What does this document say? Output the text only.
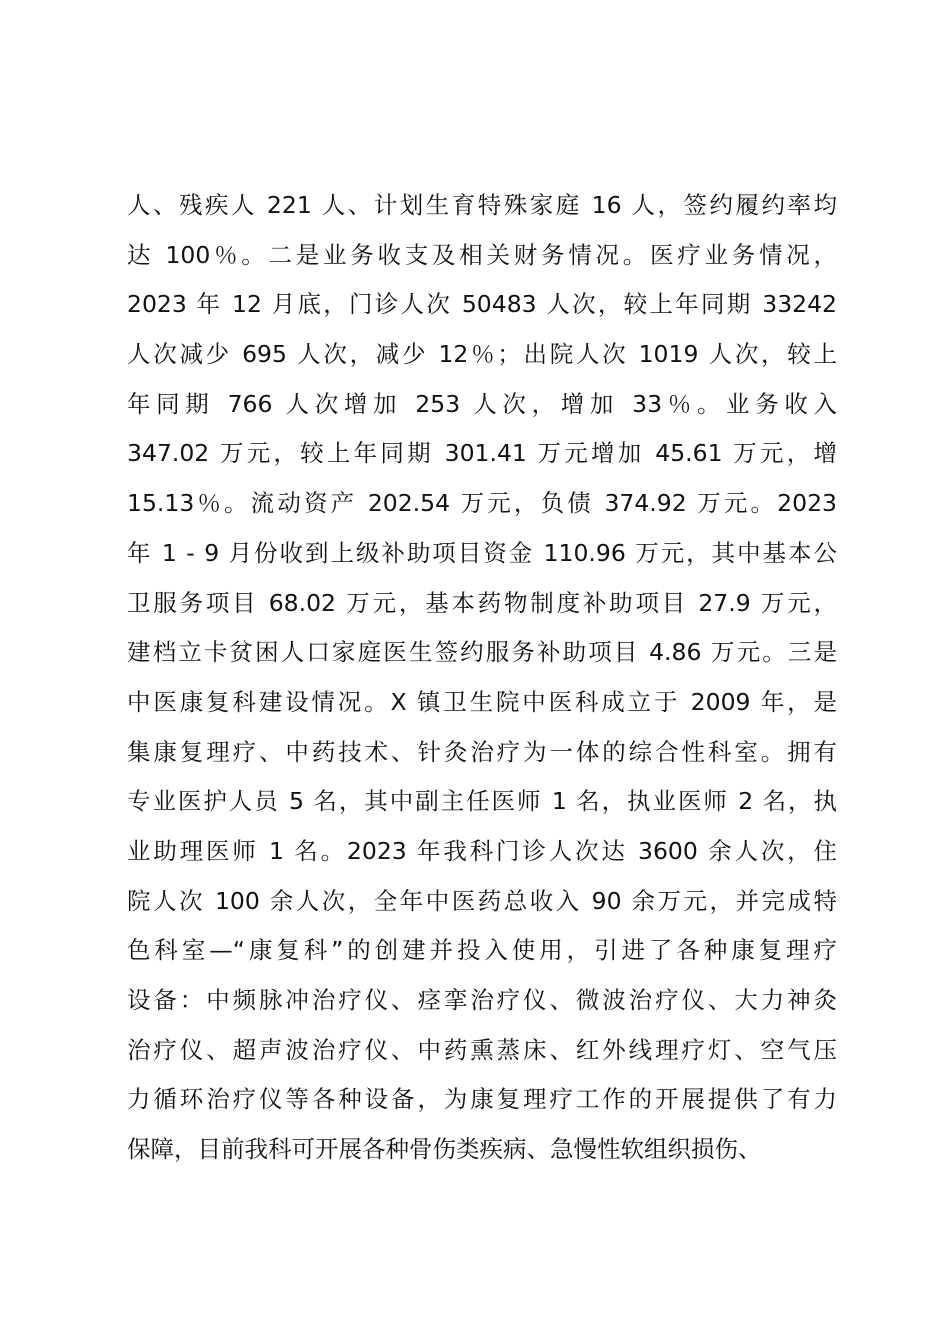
人、残疾人 221 人、计划生育特殊家庭 16 人，签约履约率均
达 100％。二是业务收支及相关财务情况。医疗业务情况，
2023 年 12 月底，门诊人次 50483 人次，较上年同期 33242
人次减少 695 人次，减少 12％；出院人次 1019 人次，较上
年同期 766 人次增加 253 人次，增加 33％。业务收入
347.02 万元，较上年同期 301.41 万元增加 45.61 万元，增
15.13％。流动资产 202.54 万元，负债 374.92 万元。2023
年 1 - 9 月份收到上级补助项目资金 110.96 万元，其中基本公
卫服务项目 68.02 万元，基本药物制度补助项目 27.9 万元，
建档立卡贫困人口家庭医生签约服务补助项目 4.86 万元。三是
中医康复科建设情况。X 镇卫生院中医科成立于 2009 年，是
集康复理疗、中药技术、针灸治疗为一体的综合性科室。拥有
专业医护人员 5 名，其中副主任医师 1 名，执业医师 2 名，执
业助理医师 1 名。2023 年我科门诊人次达 3600 余人次，住
院人次 100 余人次，全年中医药总收入 90 余万元，并完成特
色科室—“康复科”的创建并投入使用，引进了各种康复理疗
设备：中频脉冲治疗仪、痉挛治疗仪、微波治疗仪、大力神灸
治疗仪、超声波治疗仪、中药熏蒸床、红外线理疗灯、空气压
力循环治疗仪等各种设备，为康复理疗工作的开展提供了有力
保障，目前我科可开展各种骨伤类疾病、急慢性软组织损伤、
